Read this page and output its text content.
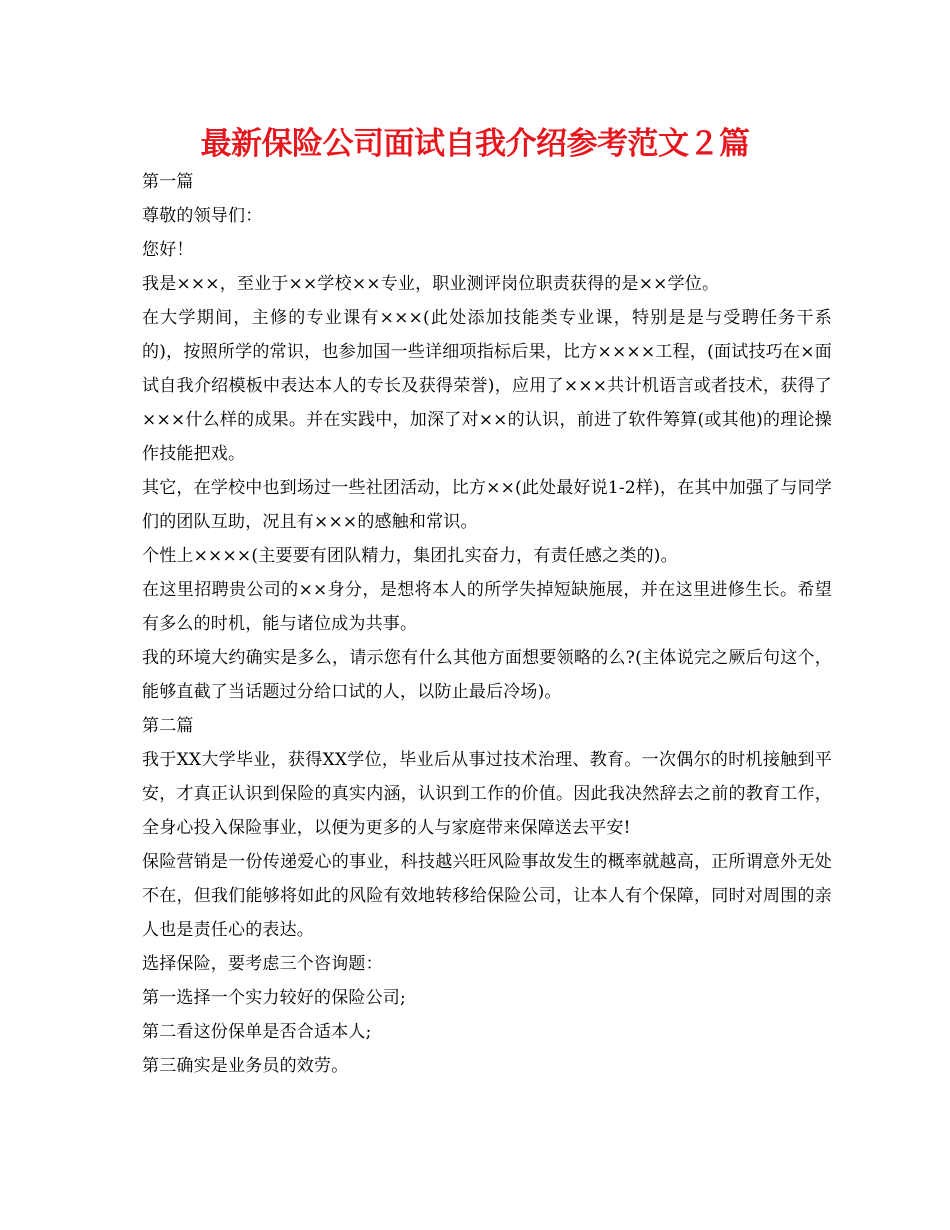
最新保险公司面试自我介绍参考范文２篇

第一篇

尊敬的领导们：

您好！

我是×××，至业于××学校××专业，职业测评岗位职责获得的是××学位。

在大学期间，主修的专业课有×××(此处添加技能类专业课，特别是是与受聘任务干系的)，按照所学的常识，也参加国一些详细项指标后果，比方××××工程，(面试技巧在×面试自我介绍模板中表达本人的专长及获得荣誉)，应用了×××共计机语言或者技术，获得了×××什么样的成果。并在实践中，加深了对××的认识，前进了软件筹算(或其他)的理论操作技能把戏。

其它，在学校中也到场过一些社团活动，比方××(此处最好说1-2样)，在其中加强了与同学们的团队互助，况且有×××的感触和常识。

个性上××××(主要要有团队精力，集团扎实奋力，有责任感之类的)。

在这里招聘贵公司的××身分，是想将本人的所学失掉短缺施展，并在这里进修生长。希望有多么的时机，能与诸位成为共事。

我的环境大约确实是多么，请示您有什么其他方面想要领略的么?(主体说完之厥后句这个，能够直截了当话题过分给口试的人，以防止最后冷场)。

第二篇

我于XX大学毕业，获得XX学位，毕业后从事过技术治理、教育。一次偶尔的时机接触到平安，才真正认识到保险的真实内涵，认识到工作的价值。因此我决然辞去之前的教育工作，全身心投入保险事业，以便为更多的人与家庭带来保障送去平安!

保险营销是一份传递爱心的事业，科技越兴旺风险事故发生的概率就越高，正所谓意外无处不在，但我们能够将如此的风险有效地转移给保险公司，让本人有个保障，同时对周围的亲人也是责任心的表达。

选择保险，要考虑三个咨询题：

第一选择一个实力较好的保险公司;

第二看这份保单是否合适本人;

第三确实是业务员的效劳。
